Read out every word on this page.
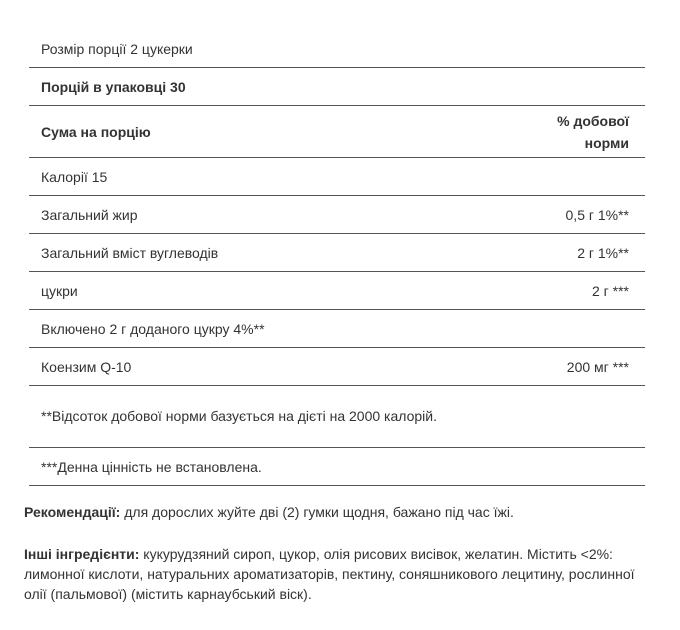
Розмір порції 2 цукерки	
Порцій в упаковці 30	
Сума на порцію	% добової норми
Калорії 15	
Загальний жир	0,5 г 1%**
Загальний вміст вуглеводів	2 г 1%**
цукри	2 г ***
Включено 2 г доданого цукру 4%**	
Коензим Q-10	200 мг ***

**Відсоток добової норми базується на дієті на 2000 калорій.	

***Денна цінність не встановлена.	
Рекомендації: для дорослих жуйте дві (2) гумки щодня, бажано під час їжі.
Інші інгредієнти: кукурудзяний сироп, цукор, олія рисових висівок, желатин. Містить <2%: лимонної кислоти, натуральних ароматизаторів, пектину, соняшникового лецитину, рослинної олії (пальмової) (містить карнаубський віск).
